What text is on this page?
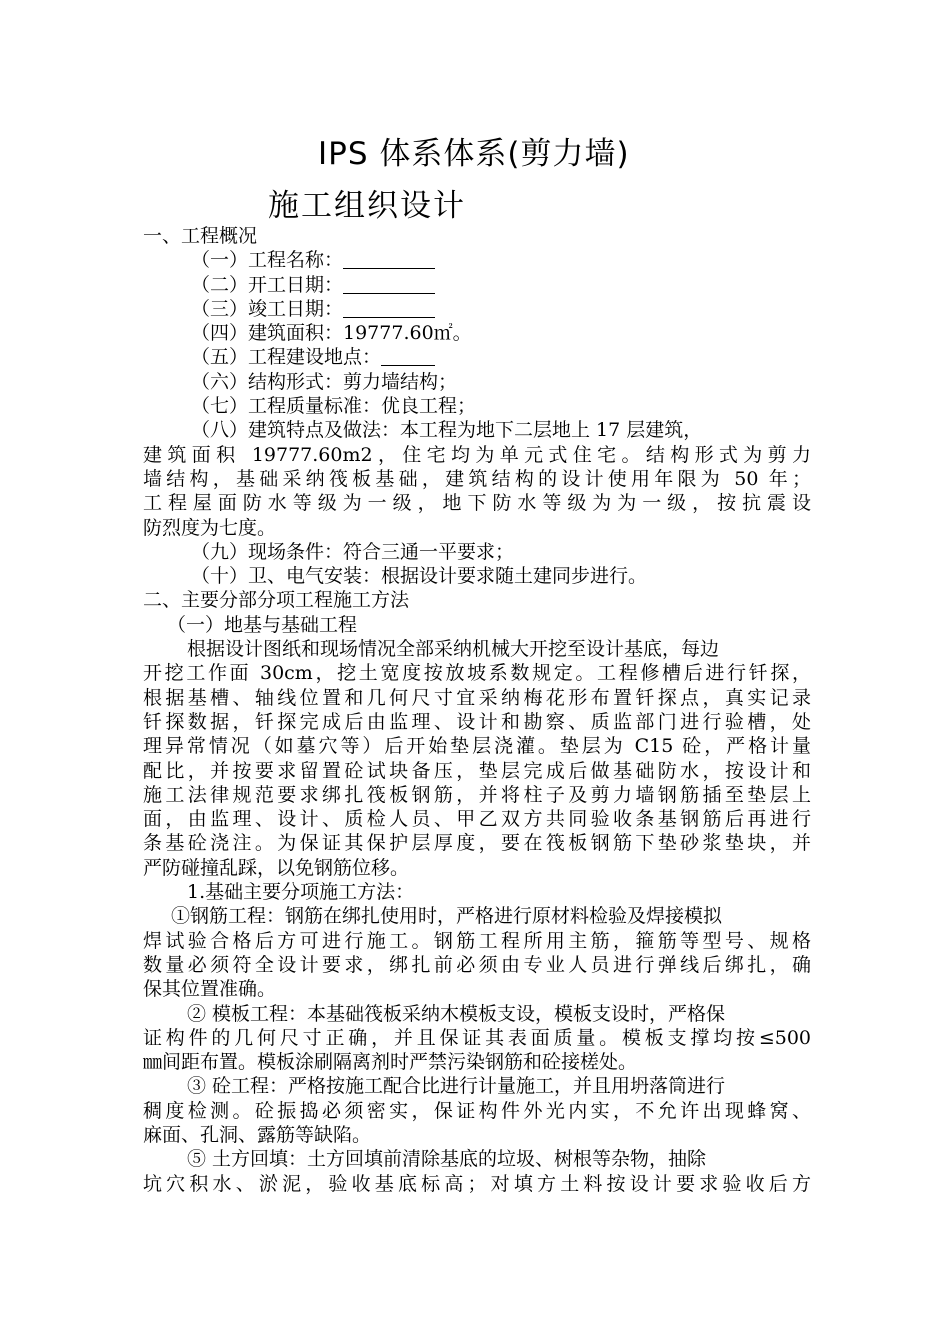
IPS 体系体系(剪力墙)
施工组织设计
一、工程概况
（一）工程名称：
（二）开工日期：
（三）竣工日期：
（四）建筑面积：19777.60㎡。
（五）工程建设地点：
（六）结构形式：剪力墙结构；
（七）工程质量标准：优良工程；
（八）建筑特点及做法：本工程为地下二层地上 17 层建筑，
建筑面积 19777.60m2，住宅均为单元式住宅。结构形式为剪力
墙结构，基础采纳筏板基础，建筑结构的设计使用年限为 50 年；
工程屋面防水等级为一级，地下防水等级为为一级，按抗震设
防烈度为七度。
（九）现场条件：符合三通一平要求；
（十）卫、电气安装：根据设计要求随土建同步进行。
二、主要分部分项工程施工方法
（一）地基与基础工程
根据设计图纸和现场情况全部采纳机械大开挖至设计基底，每边
开挖工作面 30cm，挖土宽度按放坡系数规定。工程修槽后进行钎探，
根据基槽、轴线位置和几何尺寸宜采纳梅花形布置钎探点，真实记录
钎探数据，钎探完成后由监理、设计和勘察、质监部门进行验槽，处
理异常情况（如墓穴等）后开始垫层浇灌。垫层为 C15 砼，严格计量
配比，并按要求留置砼试块备压，垫层完成后做基础防水，按设计和
施工法律规范要求绑扎筏板钢筋，并将柱子及剪力墙钢筋插至垫层上
面，由监理、设计、质检人员、甲乙双方共同验收条基钢筋后再进行
条基砼浇注。为保证其保护层厚度，要在筏板钢筋下垫砂浆垫块，并
严防碰撞乱踩，以免钢筋位移。
1.基础主要分项施工方法：
①钢筋工程：钢筋在绑扎使用时，严格进行原材料检验及焊接模拟
焊试验合格后方可进行施工。钢筋工程所用主筋，箍筋等型号、规格
数量必须符全设计要求，绑扎前必须由专业人员进行弹线后绑扎，确
保其位置准确。
② 模板工程：本基础筏板采纳木模板支设，模板支设时，严格保
证构件的几何尺寸正确，并且保证其表面质量。模板支撑均按≤500
㎜间距布置。模板涂刷隔离剂时严禁污染钢筋和砼接槎处。
③ 砼工程：严格按施工配合比进行计量施工，并且用坍落筒进行
稠度检测。砼振捣必须密实，保证构件外光内实，不允许出现蜂窝、
麻面、孔洞、露筋等缺陷。
⑤ 土方回填：土方回填前清除基底的垃圾、树根等杂物，抽除
坑穴积水、淤泥，验收基底标高；对填方土料按设计要求验收后方
